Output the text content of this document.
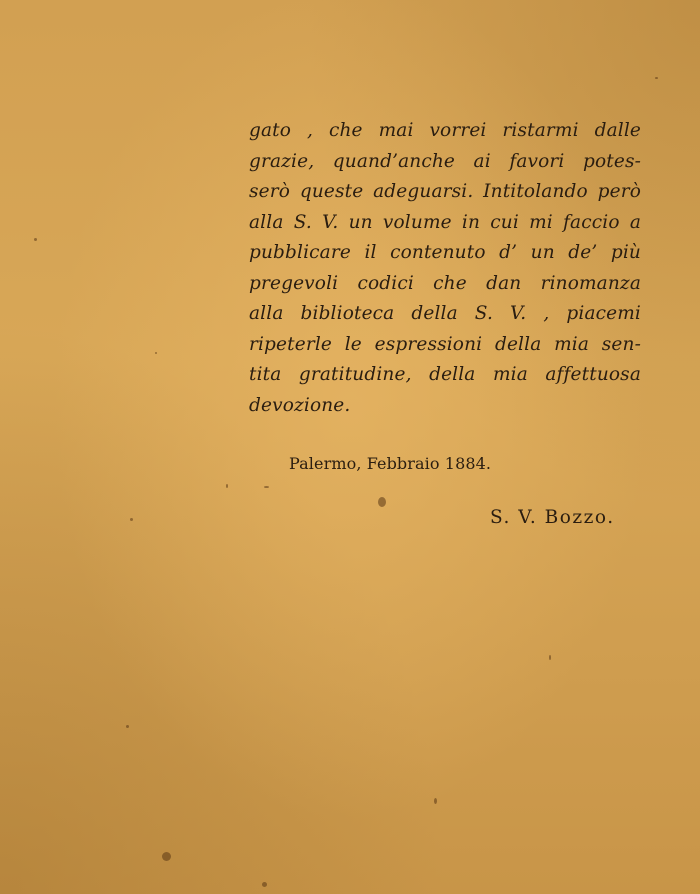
gato , che mai vorrei ristarmi dalle
grazie, quand’anche ai favori potes-
serò queste adeguarsi. Intitolando però
alla S. V. un volume in cui mi faccio a
pubblicare il contenuto d’ un de’ più
pregevoli codici che dan rinomanza
alla biblioteca della S. V. , piacemi
ripeterle le espressioni della mia sen-
tita gratitudine, della mia affettuosa
devozione.
Palermo, Febbraio 1884.
S. V. Bozzo.
